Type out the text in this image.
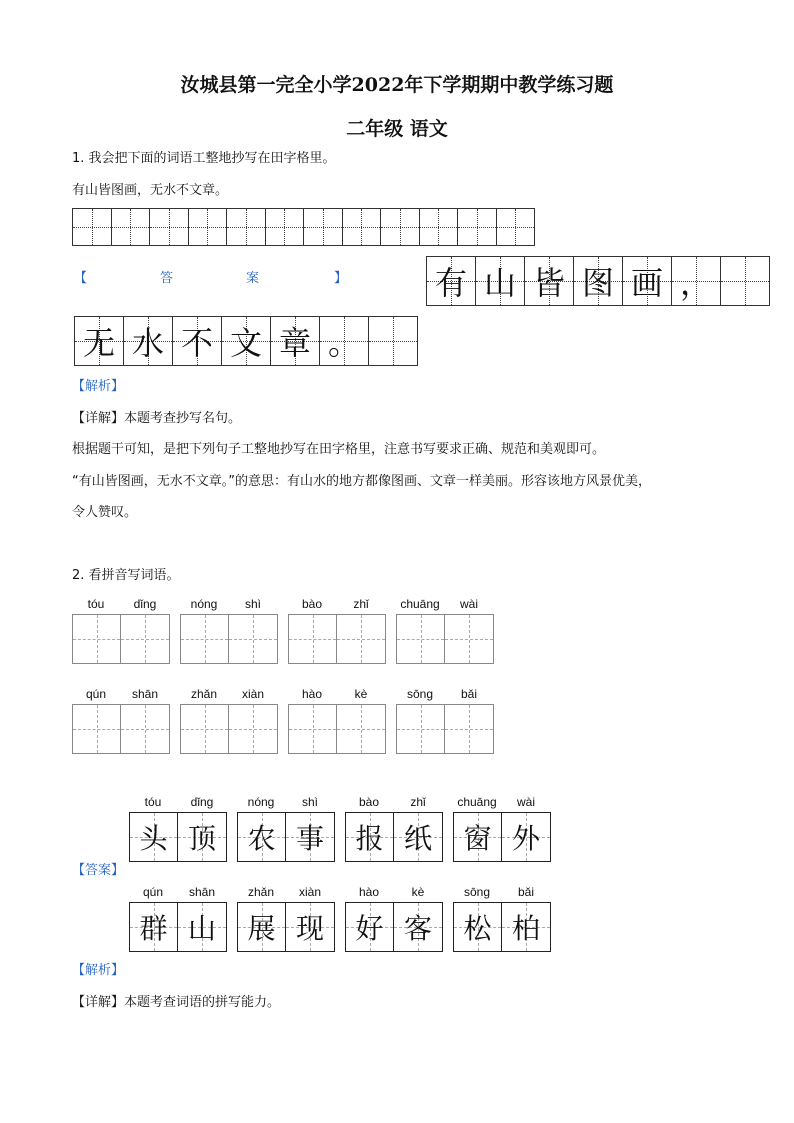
汝城县第一完全小学2022年下学期期中教学练习题
二年级 语文
1. 我会把下面的词语工整地抄写在田字格里。
有山皆图画，无水不文章。
【	答	案	】	有 山 皆 图 画 ，
无 水 不 文 章 。
【解析】
【详解】本题考查抄写名句。
根据题干可知，是把下列句子工整地抄写在田字格里，注意书写要求正确、规范和美观即可。
“有山皆图画，无水不文章。”的意思：有山水的地方都像图画、文章一样美丽。形容该地方风景优美，
令人赞叹。
2. 看拼音写词语。
tóu	dǐng	nóng	shì	bào	zhǐ	chuāng	wài
qún	shān	zhǎn	xiàn	hào	kè	sōng	bǎi
tóu	dǐng	nóng	shì	bào	zhǐ	chuāng	wài
头 顶	农 事	报 纸	窗 外
qún	shān	zhǎn	xiàn	hào	kè	sōng	bǎi
群 山	展 现	好 客	松 柏
【答案】
【解析】
【详解】本题考查词语的拼写能力。
